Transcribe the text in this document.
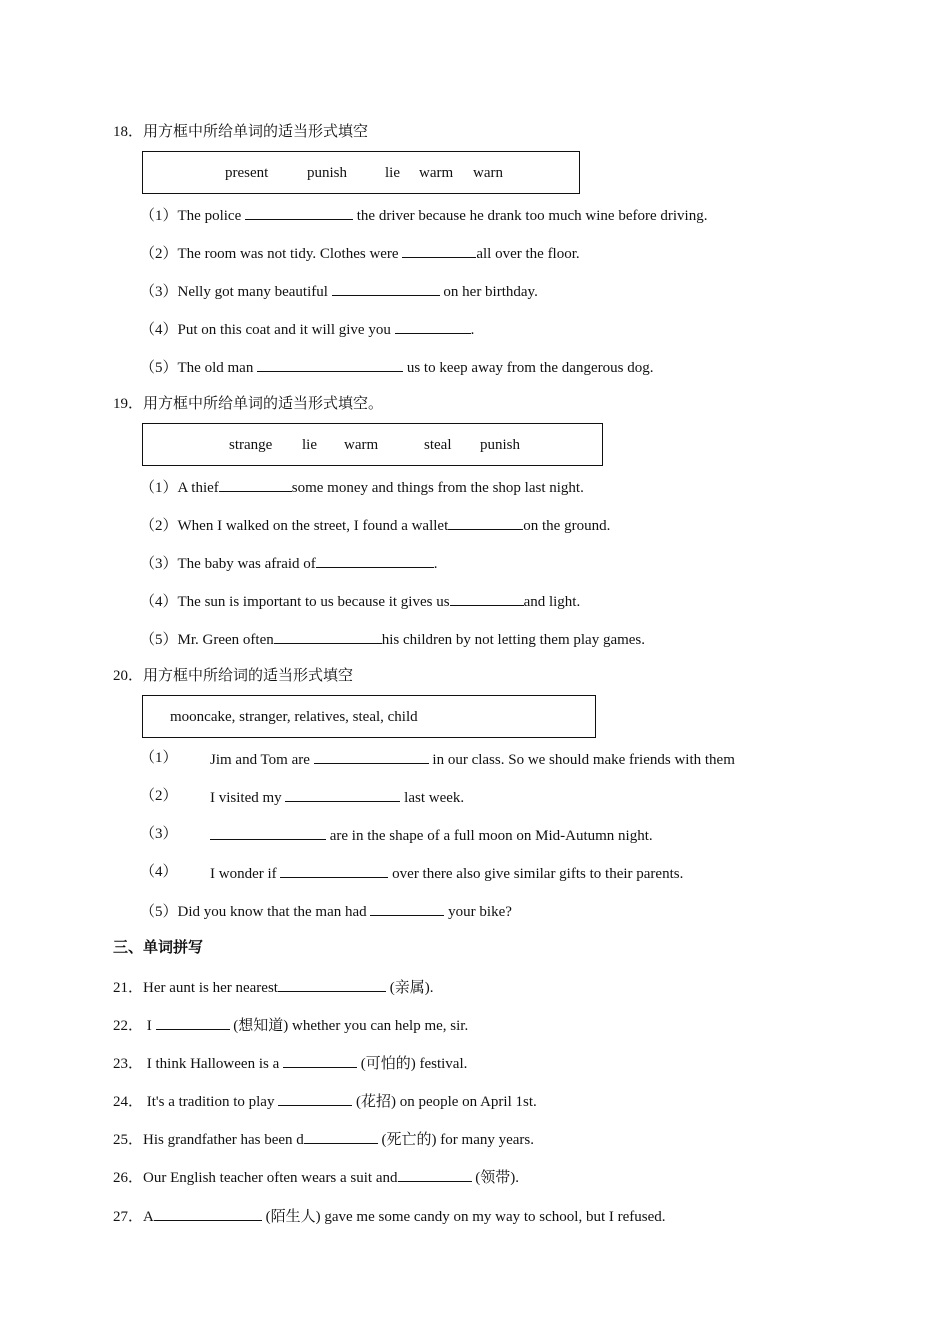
18．用方框中所给单词的适当形式填空
present	punish	lie warm warn
（1）The police	the driver because he drank too much wine before driving.
（2）The room was not tidy. Clothes were	all over the floor.
（3）Nelly got many beautiful	on her birthday.
（4）Put on this coat and it will give you	.
（5）The old man	us to keep away from the dangerous dog.
19．用方框中所给单词的适当形式填空。
strange lie warm	steal punish
（1）A thief	some money and things from the shop last night.
（2）When I walked on the street, I found a wallet	on the ground.
（3）The baby was afraid of	.
（4）The sun is important to us because it gives us	and light.
（5）Mr. Green often	his children by not letting them play games.
20．用方框中所给词的适当形式填空
mooncake, stranger, relatives, steal, child
（1） Jim and Tom are	in our class. So we should make friends with them
（2） I visited my	last week.
（3）	are in the shape of a full moon on Mid-Autumn night.
（4） I wonder if	over there also give similar gifts to their parents.
（5）Did you know that the man had	your bike?
三、单词拼写
21．Her aunt is her nearest	(亲属).
22． I	(想知道) whether you can help me, sir.
23． I think Halloween is a	(可怕的) festival.
24． It's a tradition to play	(花招) on people on April 1st.
25．His grandfather has been d	(死亡的) for many years.
26．Our English teacher often wears a suit and	(领带).
27．A	(陌生人) gave me some candy on my way to school, but I refused.
